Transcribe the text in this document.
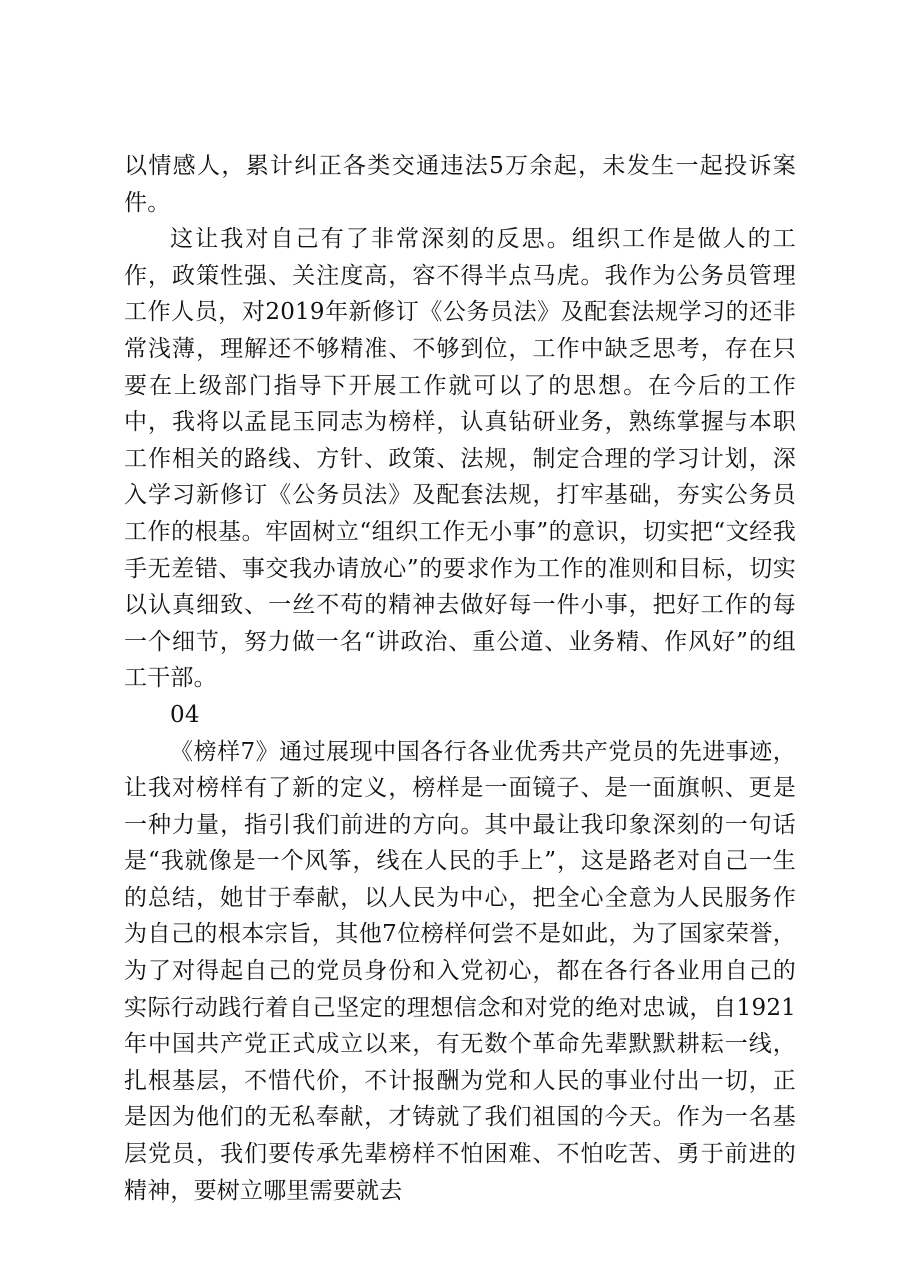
以情感人，累计纠正各类交通违法5万余起，未发生一起投诉案件。

这让我对自己有了非常深刻的反思。组织工作是做人的工作，政策性强、关注度高，容不得半点马虎。我作为公务员管理工作人员，对2019年新修订《公务员法》及配套法规学习的还非常浅薄，理解还不够精准、不够到位，工作中缺乏思考，存在只要在上级部门指导下开展工作就可以了的思想。在今后的工作中，我将以孟昆玉同志为榜样，认真钻研业务，熟练掌握与本职工作相关的路线、方针、政策、法规，制定合理的学习计划，深入学习新修订《公务员法》及配套法规，打牢基础，夯实公务员工作的根基。牢固树立“组织工作无小事”的意识，切实把“文经我手无差错、事交我办请放心”的要求作为工作的准则和目标，切实以认真细致、一丝不苟的精神去做好每一件小事，把好工作的每一个细节，努力做一名“讲政治、重公道、业务精、作风好”的组工干部。

04

《榜样7》通过展现中国各行各业优秀共产党员的先进事迹，让我对榜样有了新的定义，榜样是一面镜子、是一面旗帜、更是一种力量，指引我们前进的方向。其中最让我印象深刻的一句话是“我就像是一个风筝，线在人民的手上”，这是路老对自己一生的总结，她甘于奉献，以人民为中心，把全心全意为人民服务作为自己的根本宗旨，其他7位榜样何尝不是如此，为了国家荣誉，为了对得起自己的党员身份和入党初心，都在各行各业用自己的实际行动践行着自己坚定的理想信念和对党的绝对忠诚，自1921年中国共产党正式成立以来，有无数个革命先辈默默耕耘一线，扎根基层，不惜代价，不计报酬为党和人民的事业付出一切，正是因为他们的无私奉献，才铸就了我们祖国的今天。作为一名基层党员，我们要传承先辈榜样不怕困难、不怕吃苦、勇于前进的精神，要树立哪里需要就去
